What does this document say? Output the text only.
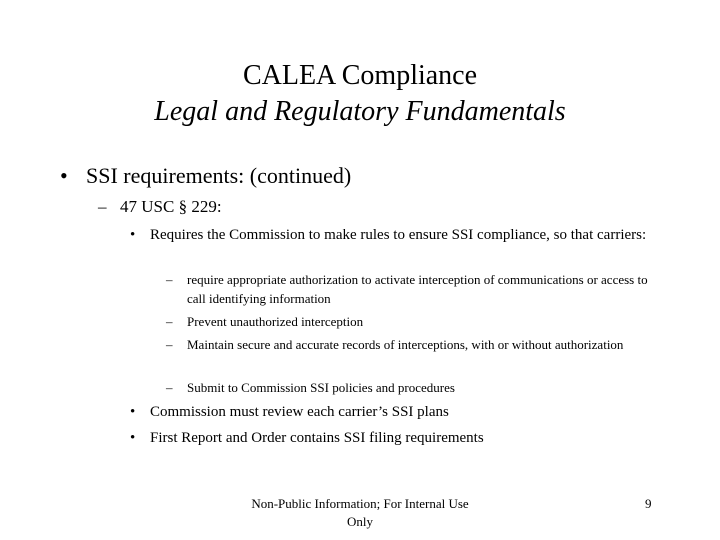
CALEA Compliance
Legal and Regulatory Fundamentals
• SSI requirements: (continued)
– 47 USC § 229:
• Requires the Commission to make rules to ensure SSI compliance, so that carriers:
– require appropriate authorization to activate interception of communications or access to call identifying information
– Prevent unauthorized interception
– Maintain secure and accurate records of interceptions, with or without authorization
– Submit to Commission SSI policies and procedures
• Commission must review each carrier’s SSI plans
• First Report and Order contains SSI filing requirements
Non-Public Information; For Internal Use Only
9
